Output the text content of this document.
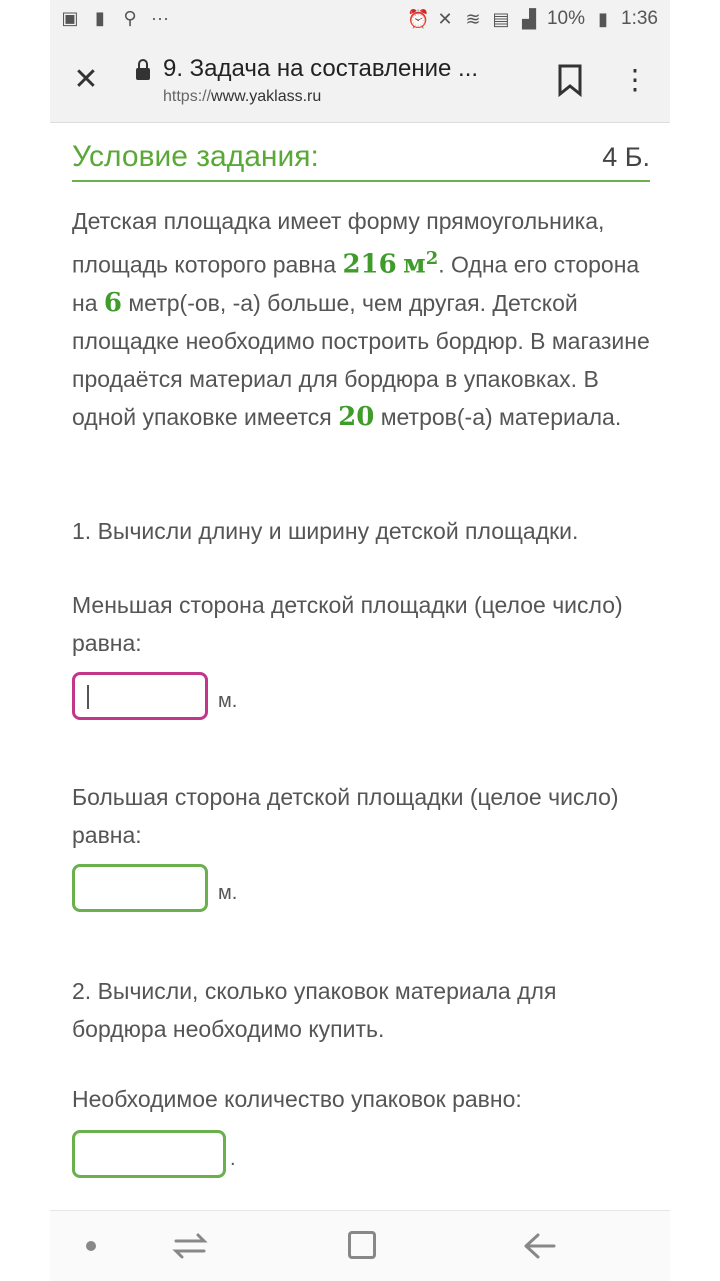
▣ ▮ ⚲ ···	⏰ ✕ ≋ ▤ ▟ 10% ▮ 1:36
✕	9. Задача на составление ...
https://www.yaklass.ru
⋮
Условие задания:	4 Б.
Детская площадка имеет форму прямоугольника, площадь которого равна 216 $м^2$. Одна его сторона на 6 метр(-ов, -а) больше, чем другая. Детской площадке необходимо построить бордюр. В магазине продаётся материал для бордюра в упаковках. В одной упаковке имеется 20 метров(-а) материала.
1. Вычисли длину и ширину детской площадки.
Меньшая сторона детской площадки (целое число) равна:
м.
Большая сторона детской площадки (целое число) равна:
м.
2. Вычисли, сколько упаковок материала для бордюра необходимо купить.
Необходимое количество упаковок равно:
.
